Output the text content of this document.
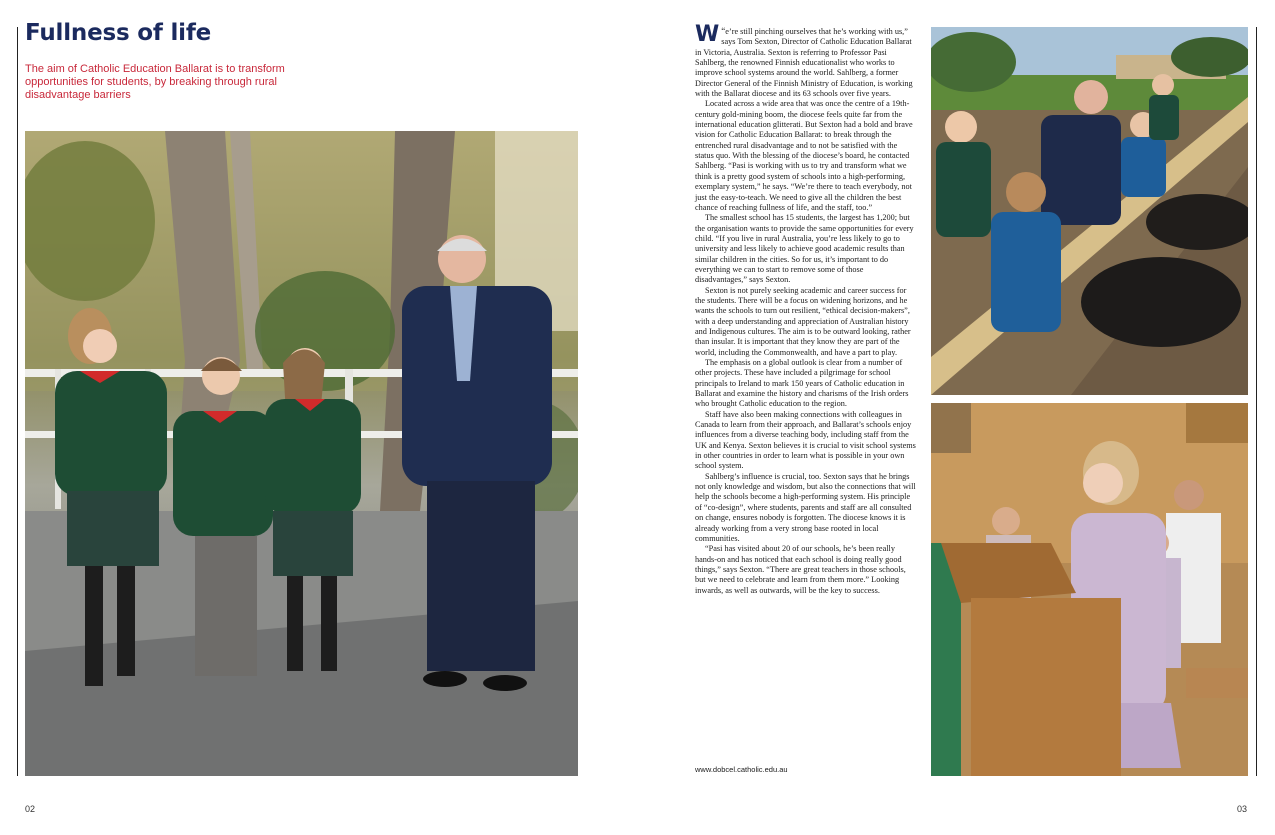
Fullness of life

The aim of Catholic Education Ballarat is to transform opportunities for students, by breaking through rural disadvantage barriers

“
W e’re still pinching ourselves that he’s working with us,” says Tom Sexton, Director of Catholic Education Ballarat in Victoria, Australia. Sexton is referring to Professor Pasi Sahlberg, the renowned Finnish educationalist who works to improve school systems around the world. Sahlberg, a former Director General of the Finnish Ministry of Education, is working with the Ballarat diocese and its 63 schools over five years.

Located across a wide area that was once the centre of a 19th-century gold-mining boom, the diocese feels quite far from the international education glitterati. But Sexton had a bold and brave vision for Catholic Education Ballarat: to break through the entrenched rural disadvantage and to not be satisfied with the status quo. With the blessing of the diocese’s board, he contacted Sahlberg. “Pasi is working with us to try and transform what we think is a pretty good system of schools into a high-performing, exemplary system,” he says. “We’re there to teach everybody, not just the easy-to-teach. We need to give all the children the best chance of reaching fullness of life, and the staff, too.”

The smallest school has 15 students, the largest has 1,200; but the organisation wants to provide the same opportunities for every child. “If you live in rural Australia, you’re less likely to go to university and less likely to achieve good academic results than similar children in the cities. So for us, it’s important to do everything we can to start to remove some of those disadvantages,” says Sexton.

Sexton is not purely seeking academic and career success for the students. There will be a focus on widening horizons, and he wants the schools to turn out resilient, “ethical decision-makers”, with a deep understanding and appreciation of Australian history and Indigenous cultures. The aim is to be outward looking, rather than insular. It is important that they know they are part of the world, including the Commonwealth, and have a part to play.

The emphasis on a global outlook is clear from a number of other projects. These have included a pilgrimage for school principals to Ireland to mark 150 years of Catholic education in Ballarat and examine the history and charisms of the Irish orders who brought Catholic education to the region.

Staff have also been making connections with colleagues in Canada to learn from their approach, and Ballarat’s schools enjoy influences from a diverse teaching body, including staff from the UK and Kenya. Sexton believes it is crucial to visit school systems in other countries in order to learn what is possible in your own school system.

Sahlberg’s influence is crucial, too. Sexton says that he brings not only knowledge and wisdom, but also the connections that will help the schools become a high-performing system. His principle of “co-design”, where students, parents and staff are all consulted on change, ensures nobody is forgotten. The diocese knows it is already working from a very strong base rooted in local communities.

“Pasi has visited about 20 of our schools, he’s been really hands-on and has noticed that each school is doing really good things,” says Sexton. “There are great teachers in those schools, but we need to celebrate and learn from them more.” Looking inwards, as well as outwards, will be the key to success.

www.dobcel.catholic.edu.au
02	03
